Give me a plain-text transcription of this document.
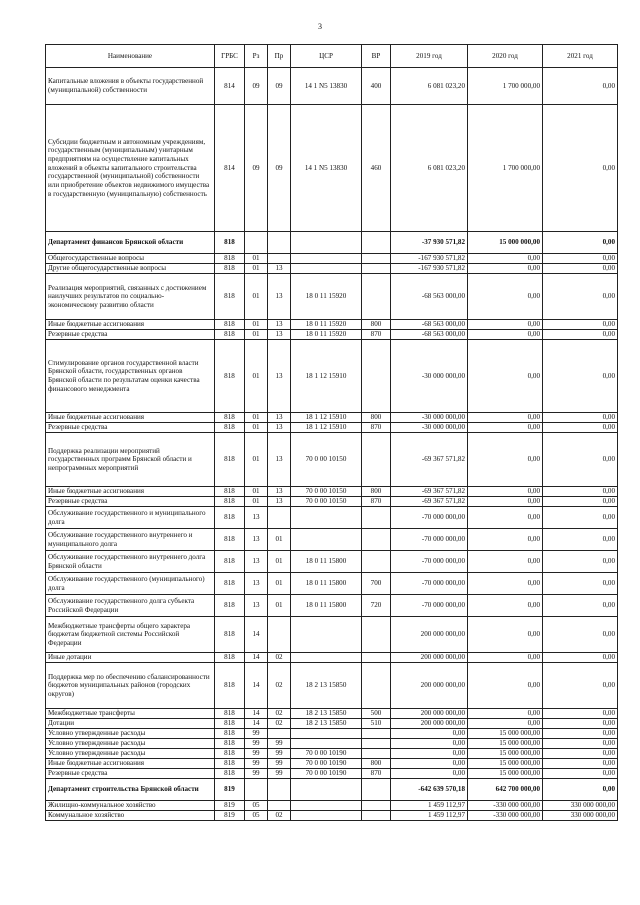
3
Наименование	ГРБС	Рз	Пр	ЦСР	ВР	2019 год	2020 год	2021 год
Капитальные вложения в объекты государственной (муниципальной) собственности	814	09	09	14 1 N5 13830	400	6 081 023,20	1 700 000,00	0,00
Субсидии бюджетным и автономным учреждениям, государственным (муниципальным) унитарным предприятиям на осуществление капитальных вложений в объекты капитального строительства государственной (муниципальной) собственности или приобретение объектов недвижимого имущества в государственную (муниципальную) собственность	814	09	09	14 1 N5 13830	460	6 081 023,20	1 700 000,00	0,00
Департамент финансов Брянской области	818					-37 930 571,82	15 000 000,00	0,00
Общегосударственные вопросы	818	01				-167 930 571,82	0,00	0,00
Другие общегосударственные вопросы	818	01	13			-167 930 571,82	0,00	0,00
Реализация мероприятий, связанных с достижением наилучших результатов по социально-экономическому развитию области	818	01	13	18 0 11 15920		-68 563 000,00	0,00	0,00
Иные бюджетные ассигнования	818	01	13	18 0 11 15920	800	-68 563 000,00	0,00	0,00
Резервные средства	818	01	13	18 0 11 15920	870	-68 563 000,00	0,00	0,00
Стимулирование органов государственной власти Брянской области, государственных органов Брянской области по результатам оценки качества финансового менеджмента	818	01	13	18 1 12 15910		-30 000 000,00	0,00	0,00
Иные бюджетные ассигнования	818	01	13	18 1 12 15910	800	-30 000 000,00	0,00	0,00
Резервные средства	818	01	13	18 1 12 15910	870	-30 000 000,00	0,00	0,00
Поддержка реализации мероприятий государственных программ Брянской области и непрограммных мероприятий	818	01	13	70 0 00 10150		-69 367 571,82	0,00	0,00
Иные бюджетные ассигнования	818	01	13	70 0 00 10150	800	-69 367 571,82	0,00	0,00
Резервные средства	818	01	13	70 0 00 10150	870	-69 367 571,82	0,00	0,00
Обслуживание государственного и муниципального долга	818	13				-70 000 000,00	0,00	0,00
Обслуживание государственного внутреннего и муниципального долга	818	13	01			-70 000 000,00	0,00	0,00
Обслуживание государственного внутреннего долга Брянской области	818	13	01	18 0 11 15800		-70 000 000,00	0,00	0,00
Обслуживание государственного (муниципального) долга	818	13	01	18 0 11 15800	700	-70 000 000,00	0,00	0,00
Обслуживание государственного долга субъекта Российской Федерации	818	13	01	18 0 11 15800	720	-70 000 000,00	0,00	0,00
Межбюджетные трансферты общего характера бюджетам бюджетной системы Российской Федерации	818	14				200 000 000,00	0,00	0,00
Иные дотации	818	14	02			200 000 000,00	0,00	0,00
Поддержка мер по обеспечению сбалансированности бюджетов муниципальных районов (городских округов)	818	14	02	18 2 13 15850		200 000 000,00	0,00	0,00
Межбюджетные трансферты	818	14	02	18 2 13 15850	500	200 000 000,00	0,00	0,00
Дотации	818	14	02	18 2 13 15850	510	200 000 000,00	0,00	0,00
Условно утвержденные расходы	818	99				0,00	15 000 000,00	0,00
Условно утвержденные расходы	818	99	99			0,00	15 000 000,00	0,00
Условно утвержденные расходы	818	99	99	70 0 00 10190		0,00	15 000 000,00	0,00
Иные бюджетные ассигнования	818	99	99	70 0 00 10190	800	0,00	15 000 000,00	0,00
Резервные средства	818	99	99	70 0 00 10190	870	0,00	15 000 000,00	0,00
Департамент строительства Брянской области	819					-642 639 570,18	642 700 000,00	0,00
Жилищно-коммунальное хозяйство	819	05				1 459 112,97	-330 000 000,00	330 000 000,00
Коммунальное хозяйство	819	05	02			1 459 112,97	-330 000 000,00	330 000 000,00
